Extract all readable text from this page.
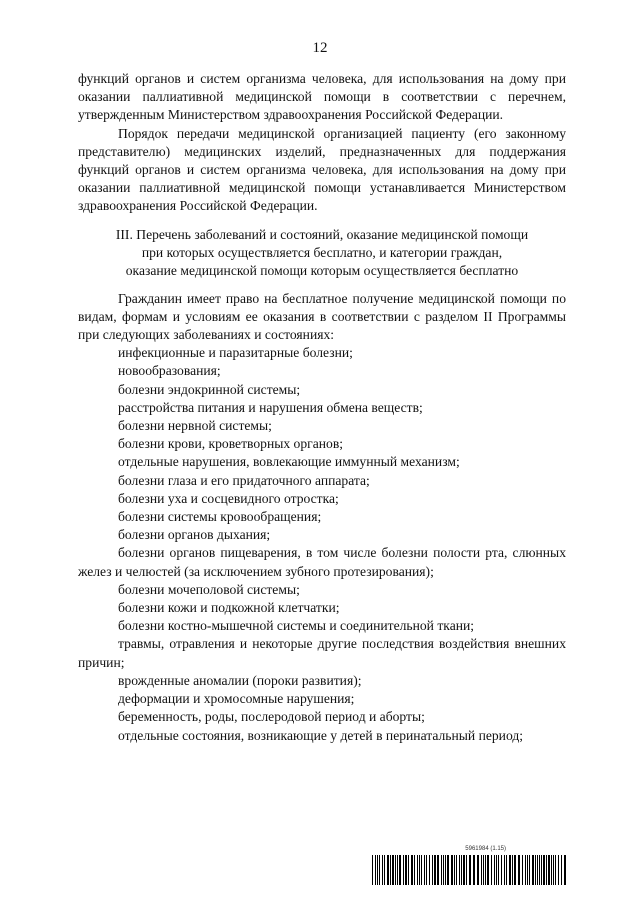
12

функций органов и систем организма человека, для использования на дому при оказании паллиативной медицинской помощи в соответствии с перечнем, утвержденным Министерством здравоохранения Российской Федерации.

Порядок передачи медицинской организацией пациенту (его законному представителю) медицинских изделий, предназначенных для поддержания функций органов и систем организма человека, для использования на дому при оказании паллиативной медицинской помощи устанавливается Министерством здравоохранения Российской Федерации.

III. Перечень заболеваний и состояний, оказание медицинской помощи
при которых осуществляется бесплатно, и категории граждан,
оказание медицинской помощи которым осуществляется бесплатно

Гражданин имеет право на бесплатное получение медицинской помощи по видам, формам и условиям ее оказания в соответствии с разделом II Программы при следующих заболеваниях и состояниях:

инфекционные и паразитарные болезни;

новообразования;

болезни эндокринной системы;

расстройства питания и нарушения обмена веществ;

болезни нервной системы;

болезни крови, кроветворных органов;

отдельные нарушения, вовлекающие иммунный механизм;

болезни глаза и его придаточного аппарата;

болезни уха и сосцевидного отростка;

болезни системы кровообращения;

болезни органов дыхания;

болезни органов пищеварения, в том числе болезни полости рта, слюнных желез и челюстей (за исключением зубного протезирования);

болезни мочеполовой системы;

болезни кожи и подкожной клетчатки;

болезни костно-мышечной системы и соединительной ткани;

травмы, отравления и некоторые другие последствия воздействия внешних причин;

врожденные аномалии (пороки развития);

деформации и хромосомные нарушения;

беременность, роды, послеродовой период и аборты;

отдельные состояния, возникающие у детей в перинатальный период;

5961984 (1.15)
